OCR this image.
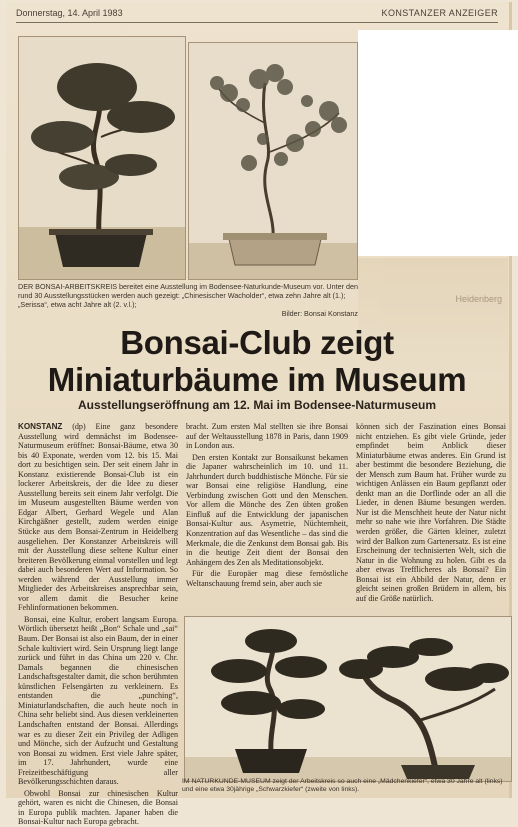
Donnerstag, 14. April 1983	KONSTANZER ANZEIGER
DER BONSAI-ARBEITSKREIS bereitet eine Ausstellung im Bodensee-Naturkunde-Museum vor. Unter den rund 30 Ausstellungsstücken werden auch gezeigt: „Chinesischer Wacholder“, etwa zehn Jahre alt (1.); „Serissa“, etwa acht Jahre alt (2. v.l.);
Bilder: Bonsai Konstanz
Heidenberg
Bonsai-Club zeigt
Miniaturbäume im Museum
Ausstellungseröffnung am 12. Mai im Bodensee-Naturmuseum

KONSTANZ (dp) Eine ganz besondere Ausstellung wird demnächst im Bodensee-Naturmuseum eröffnet: Bonsai-Bäume, etwa 30 bis 40 Exponate, werden vom 12. bis 15. Mai dort zu besichtigen sein. Der seit einem Jahr in Konstanz existierende Bonsai-Club ist ein lockerer Arbeitskreis, der die Idee zu dieser Ausstellung bereits seit einem Jahr verfolgt. Die im Museum ausgestellten Bäume werden von Edgar Albert, Gerhard Wegele und Alan Kirchgäßner gestellt, zudem werden einige Stücke aus dem Bonsai-Zentrum in Heidelberg ausgeliehen. Der Konstanzer Arbeitskreis will mit der Ausstellung diese seltene Kultur einer breiteren Bevölkerung einmal vorstellen und legt dabei auch besonderen Wert auf Information. So werden während der Ausstellung immer Mitglieder des Arbeitskreises ansprechbar sein, vor allem damit die Besucher keine Fehlinformationen bekommen.

Bonsai, eine Kultur, erobert langsam Europa. Wörtlich übersetzt heißt „Bon“ Schale und „sai“ Baum. Der Bonsai ist also ein Baum, der in einer Schale kultiviert wird. Sein Ursprung liegt lange zurück und führt in das China um 220 v. Chr. Damals begannen die chinesischen Landschaftsgestalter damit, die schon berühmten künstlichen Felsengärten zu verkleinern. Es entstanden die „punching“, Miniaturlandschaften, die auch heute noch in China sehr beliebt sind. Aus diesen verkleinerten Landschaften entstand der Bonsai. Allerdings war es zu dieser Zeit ein Privileg der Adligen und Mönche, sich der Aufzucht und Gestaltung von Bonsai zu widmen. Erst viele Jahre später, im 17. Jahrhundert, wurde eine Freizeitbeschäftigung aller Bevölkerungsschichten daraus.

Obwohl Bonsai zur chinesischen Kultur gehört, waren es nicht die Chinesen, die Bonsai in Europa publik machten. Japaner haben die Bonsai-Kultur nach Europa gebracht.

bracht. Zum ersten Mal stellten sie ihre Bonsai auf der Weltausstellung 1878 in Paris, dann 1909 in London aus.

Den ersten Kontakt zur Bonsaikunst bekamen die Japaner wahrscheinlich im 10. und 11. Jahrhundert durch buddhistische Mönche. Für sie war Bonsai eine religiöse Handlung, eine Verbindung zwischen Gott und den Menschen. Vor allem die Mönche des Zen übten großen Einfluß auf die Entwicklung der japanischen Bonsai-Kultur aus. Asymetrie, Nüchternheit, Konzentration auf das Wesentliche – das sind die Merkmale, die die Zenkunst dem Bonsai gab. Bis in die heutige Zeit dient der Bonsai den Anhängern des Zen als Meditationsobjekt.

Für die Europäer mag diese fernöstliche Weltanschauung fremd sein, aber auch sie

können sich der Faszination eines Bonsai nicht entziehen. Es gibt viele Gründe, jeder empfindet beim Anblick dieser Miniaturbäume etwas anderes. Ein Grund ist aber bestimmt die besondere Beziehung, die der Mensch zum Baum hat. Früher wurde zu wichtigen Anlässen ein Baum gepflanzt oder denkt man an die Dorflinde oder an all die Lieder, in denen Bäume besungen werden. Nur ist die Menschheit heute der Natur nicht mehr so nahe wie ihre Vorfahren. Die Städte werden größer, die Gärten kleiner, zuletzt wird der Balkon zum Gartenersatz. Es ist eine Erscheinung der technisierten Welt, sich die Natur in die Wohnung zu holen. Gibt es da aber etwas Trefflicheres als Bonsai? Ein Bonsai ist ein Abbild der Natur, denn er gleicht seinen großen Brüdern in allem, bis auf die Größe natürlich.

IM NATURKUNDE-MUSEUM zeigt der Arbeitskreis so auch eine „Mädchenkiefer“, etwa 30 Jahre alt (links) und eine etwa 30jährige „Schwarzkiefer“ (zweite von links).
